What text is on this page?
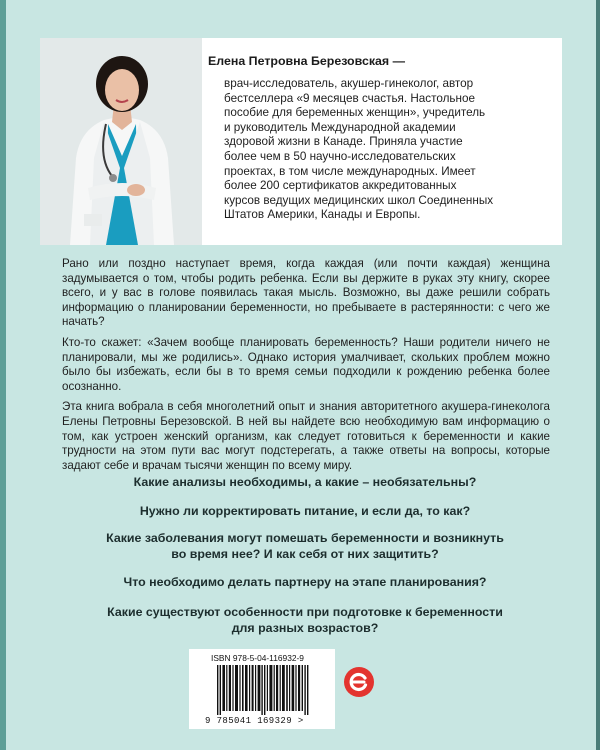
Елена Петровна Березовская —

врач-исследователь, акушер-гинеколог, автор
бестселлера «9 месяцев счастья. Настольное
пособие для беременных женщин», учредитель
и руководитель Международной академии
здоровой жизни в Канаде. Приняла участие
более чем в 50 научно-исследовательских
проектах, в том числе международных. Имеет
более 200 сертификатов аккредитованных
курсов ведущих медицинских школ Соединенных
Штатов Америки, Канады и Европы.

Рано или поздно наступает время, когда каждая (или почти каждая) женщина задумывается о том, чтобы родить ребенка. Если вы держите в руках эту книгу, скорее всего, и у вас в голове появилась такая мысль. Возможно, вы даже решили собрать информацию о планировании беременности, но пребываете в растерянности: с чего же начать?

Кто-то скажет: «Зачем вообще планировать беременность? Наши родители ничего не планировали, мы же родились». Однако история умалчивает, скольких проблем можно было бы избежать, если бы в то время семьи подходили к рождению ребенка более осознанно.

Эта книга вобрала в себя многолетний опыт и знания авторитетного акушера-гинеколога Елены Петровны Березовской. В ней вы найдете всю необходимую вам информацию о том, как устроен женский организм, как следует готовиться к беременности и какие трудности на этом пути вас могут подстерегать, а также ответы на вопросы, которые задают себе и врачам тысячи женщин по всему миру.

Какие анализы необходимы, а какие – необязательны?

Нужно ли корректировать питание, и если да, то как?

Какие заболевания могут помешать беременности и возникнуть
во время нее? И как себя от них защитить?

Что необходимо делать партнеру на этапе планирования?

Какие существуют особенности при подготовке к беременности
для разных возрастов?

ISBN 978-5-04-116932-9

9 785041 169329 >
